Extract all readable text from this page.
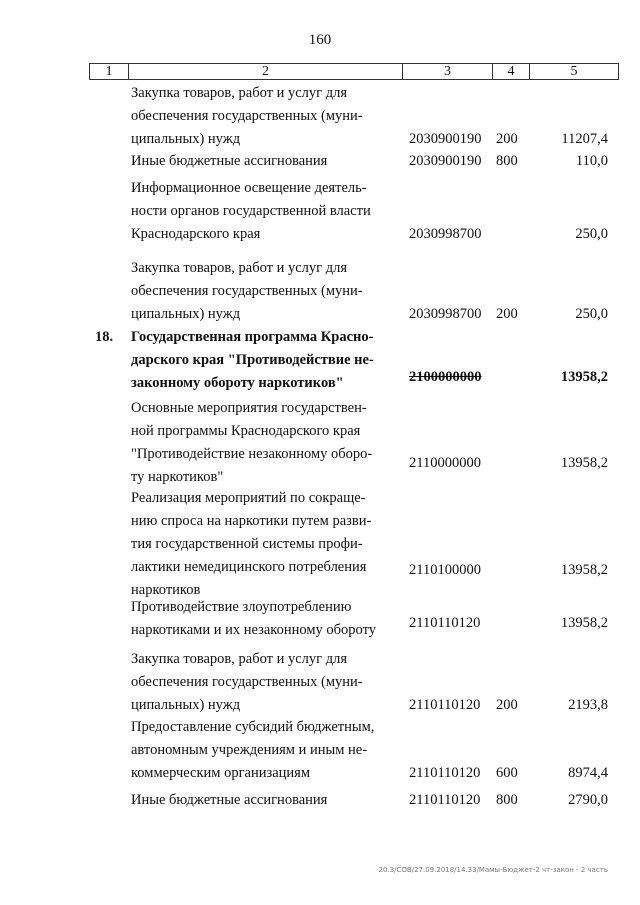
160
1	2	3	4	5
Закупка товаров, работ и услуг для
обеспечения государственных (муни-
ципальных) нужд	2030900190	200	11207,4
Иные бюджетные ассигнования	2030900190	800	110,0
Информационное освещение деятель-
ности органов государственной власти
Краснодарского края	2030998700	250,0
Закупка товаров, работ и услуг для
обеспечения государственных (муни-
ципальных) нужд	2030998700	200	250,0
18.	Государственная программа Красно-
дарского края "Противодействие не-
законному обороту наркотиков"	2100000000	13958,2
Основные мероприятия государствен-
ной программы Краснодарского края
"Противодействие незаконному оборо-
ту наркотиков"
2110000000	13958,2
Реализация мероприятий по сокраще-
нию спроса на наркотики путем разви-
тия государственной системы профи-
лактики немедицинского потребления
наркотиков
2110100000	13958,2
Противодействие злоупотреблению
наркотиками и их незаконному обороту	2110110120	13958,2
Закупка товаров, работ и услуг для
обеспечения государственных (муни-
ципальных) нужд	2110110120	200	2193,8
Предоставление субсидий бюджетным,
автономным учреждениям и иным не-
коммерческим организациям	2110110120	600	8974,4
Иные бюджетные ассигнования	2110110120	800	2790,0
20.3/СОВ/27.09.2018/14.33/Мамы-Бюджет-2 чт-закон - 2 часть
